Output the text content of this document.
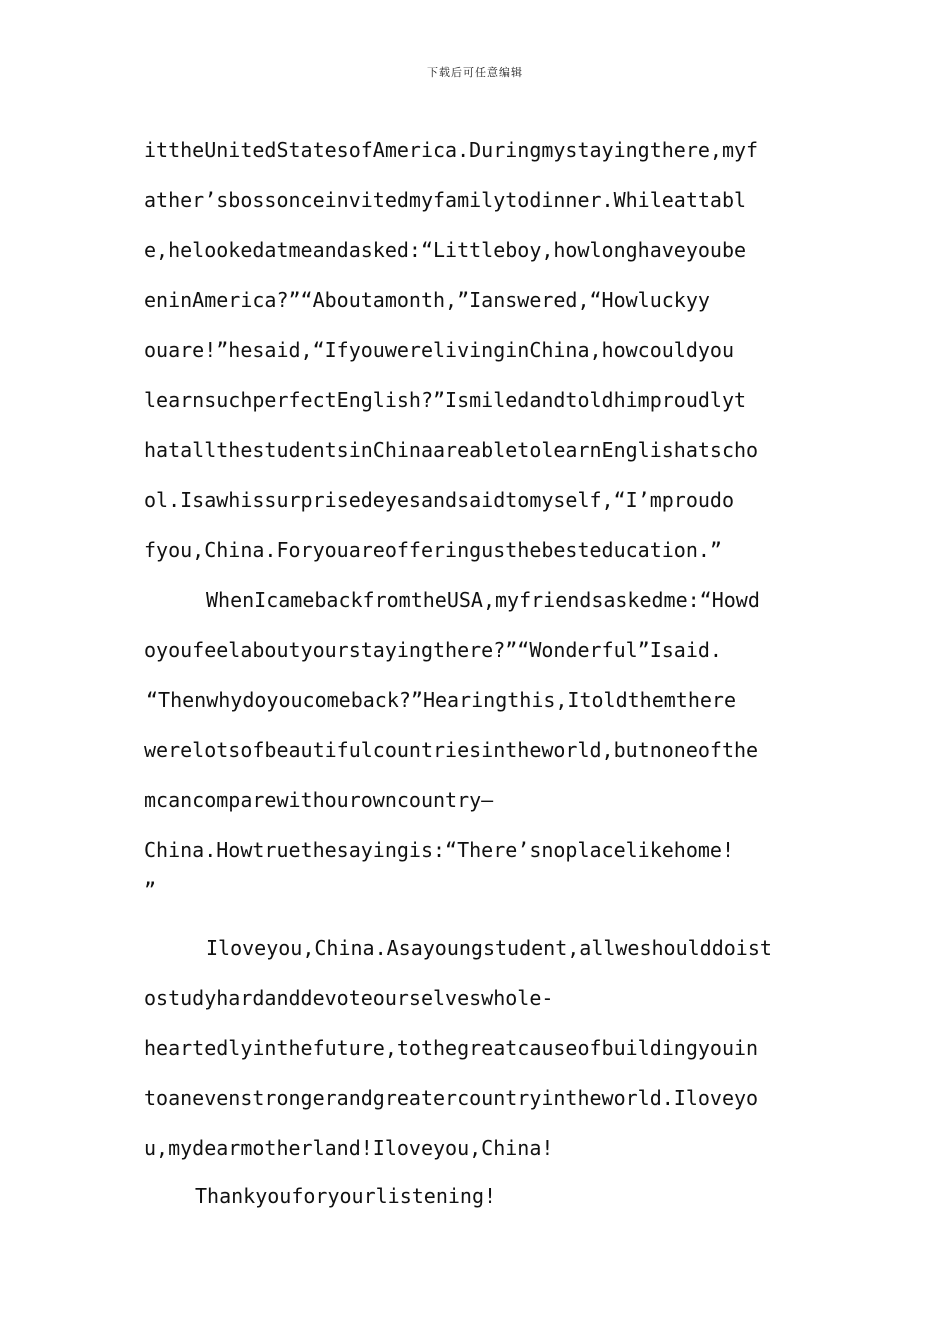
下载后可任意编辑
ittheUnitedStatesofAmerica.Duringmystayingthere,myf
ather’sbossonceinvitedmyfamilytodinner.Whileattabl
e,helookedatmeandasked:“Littleboy,howlonghaveyoube
eninAmerica?”“Aboutamonth,”Ianswered,“Howluckyy
ouare!”hesaid,“IfyouwerelivinginChina,howcouldyou
learnsuchperfectEnglish?”Ismiledandtoldhimproudlyt
hatallthestudentsinChinaareabletolearnEnglishatscho
ol.Isawhissurprisedeyesandsaidtomyself,“I’mproudo
fyou,China.Foryouareofferingusthebesteducation.”
WhenIcamebackfromtheUSA,myfriendsaskedme:“Howd
oyoufeelaboutyourstayingthere?”“Wonderful”Isaid.
“Thenwhydoyoucomeback?”Hearingthis,Itoldthemthere
werelotsofbeautifulcountriesintheworld,butnoneofthe
mcancomparewithourowncountry—
China.Howtruethesayingis:“There’snoplacelikehome!
”
Iloveyou,China.Asayoungstudent,allweshoulddoist
ostudyhardanddevoteourselveswhole-
heartedlyinthefuture,tothegreatcauseofbuildingyouin
toanevenstrongerandgreatercountryintheworld.Iloveyo
u,mydearmotherland!Iloveyou,China!
Thankyouforyourlistening!
